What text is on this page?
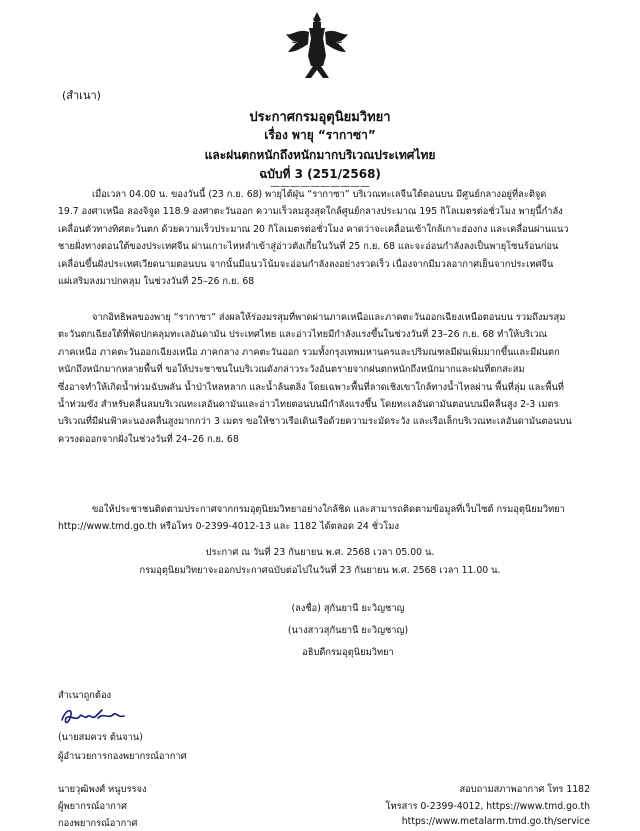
(สำเนา)
ประกาศกรมอุตุนิยมวิทยา
เรื่อง พายุ “รากาซา”
และฝนตกหนักถึงหนักมากบริเวณประเทศไทย
ฉบับที่ 3 (251/2568)
——————————
เมื่อเวลา 04.00 น. ของวันนี้ (23 ก.ย. 68) พายุไต้ฝุ่น “รากาซา” บริเวณทะเลจีนใต้ตอนบน มีศูนย์กลางอยู่ที่ละติจูด
19.7 องศาเหนือ ลองจิจูด 118.9 องศาตะวันออก ความเร็วลมสูงสุดใกล้ศูนย์กลางประมาณ 195 กิโลเมตรต่อชั่วโมง พายุนี้กำลัง
เคลื่อนตัวทางทิศตะวันตก ด้วยความเร็วประมาณ 20 กิโลเมตรต่อชั่วโมง คาดว่าจะเคลื่อนเข้าใกล้เกาะฮ่องกง และเคลื่อนผ่านแนว
ชายฝั่งทางตอนใต้ของประเทศจีน ผ่านเกาะไหหลำเข้าสู่อ่าวตังเกี๋ยในวันที่ 25 ก.ย. 68 และจะอ่อนกำลังลงเป็นพายุโซนร้อนก่อน
เคลื่อนขึ้นฝั่งประเทศเวียดนามตอนบน จากนั้นมีแนวโน้มจะอ่อนกำลังลงอย่างรวดเร็ว เนื่องจากมีมวลอากาศเย็นจากประเทศจีน
แผ่เสริมลงมาปกคลุม ในช่วงวันที่ 25–26 ก.ย. 68
จากอิทธิพลของพายุ “รากาซา” ส่งผลให้ร่องมรสุมที่พาดผ่านภาคเหนือและภาคตะวันออกเฉียงเหนือตอนบน รวมถึงมรสุม
ตะวันตกเฉียงใต้ที่พัดปกคลุมทะเลอันดามัน ประเทศไทย และอ่าวไทยมีกำลังแรงขึ้นในช่วงวันที่ 23–26 ก.ย. 68 ทำให้บริเวณ
ภาคเหนือ ภาคตะวันออกเฉียงเหนือ ภาคกลาง ภาคตะวันออก รวมทั้งกรุงเทพมหานครและปริมณฑลมีฝนเพิ่มมากขึ้นและมีฝนตก
หนักถึงหนักมากหลายพื้นที่ ขอให้ประชาชนในบริเวณดังกล่าวระวังอันตรายจากฝนตกหนักถึงหนักมากและฝนที่ตกสะสม
ซึ่งอาจทำให้เกิดน้ำท่วมฉับพลัน น้ำป่าไหลหลาก และน้ำล้นตลิ่ง โดยเฉพาะพื้นที่ลาดเชิงเขาใกล้ทางน้ำไหลผ่าน พื้นที่ลุ่ม และพื้นที่
น้ำท่วมขัง สำหรับคลื่นลมบริเวณทะเลอันดามันและอ่าวไทยตอนบนมีกำลังแรงขึ้น โดยทะเลอันดามันตอนบนมีคลื่นสูง 2-3 เมตร
บริเวณที่มีฝนฟ้าคะนองคลื่นสูงมากกว่า 3 เมตร ขอให้ชาวเรือเดินเรือด้วยความระมัดระวัง และเรือเล็กบริเวณทะเลอันดามันตอนบน
ควรงดออกจากฝั่งในช่วงวันที่ 24–26 ก.ย. 68
ขอให้ประชาชนติดตามประกาศจากกรมอุตุนิยมวิทยาอย่างใกล้ชิด และสามารถติดตามข้อมูลที่เว็บไซต์ กรมอุตุนิยมวิทยา
http://www.tmd.go.th หรือโทร 0-2399-4012-13 และ 1182 ได้ตลอด 24 ชั่วโมง
ประกาศ ณ วันที่ 23 กันยายน พ.ศ. 2568 เวลา 05.00 น.
กรมอุตุนิยมวิทยาจะออกประกาศฉบับต่อไปในวันที่ 23 กันยายน พ.ศ. 2568 เวลา 11.00 น.
(ลงชื่อ) สุกันยานี ยะวิญชาญ
(นางสาวสุกันยานี ยะวิญชาญ)
อธิบดีกรมอุตุนิยมวิทยา
สำเนาถูกต้อง
(นายสมควร ต้นจาน)
ผู้อำนวยการกองพยากรณ์อากาศ
นายวุฒิพงศ์ หนูบรรจง
ผู้พยากรณ์อากาศ
กองพยากรณ์อากาศ
สอบถามสภาพอากาศ โทร 1182
โทรสาร 0-2399-4012, https://www.tmd.go.th
https://www.metalarm.tmd.go.th/service
